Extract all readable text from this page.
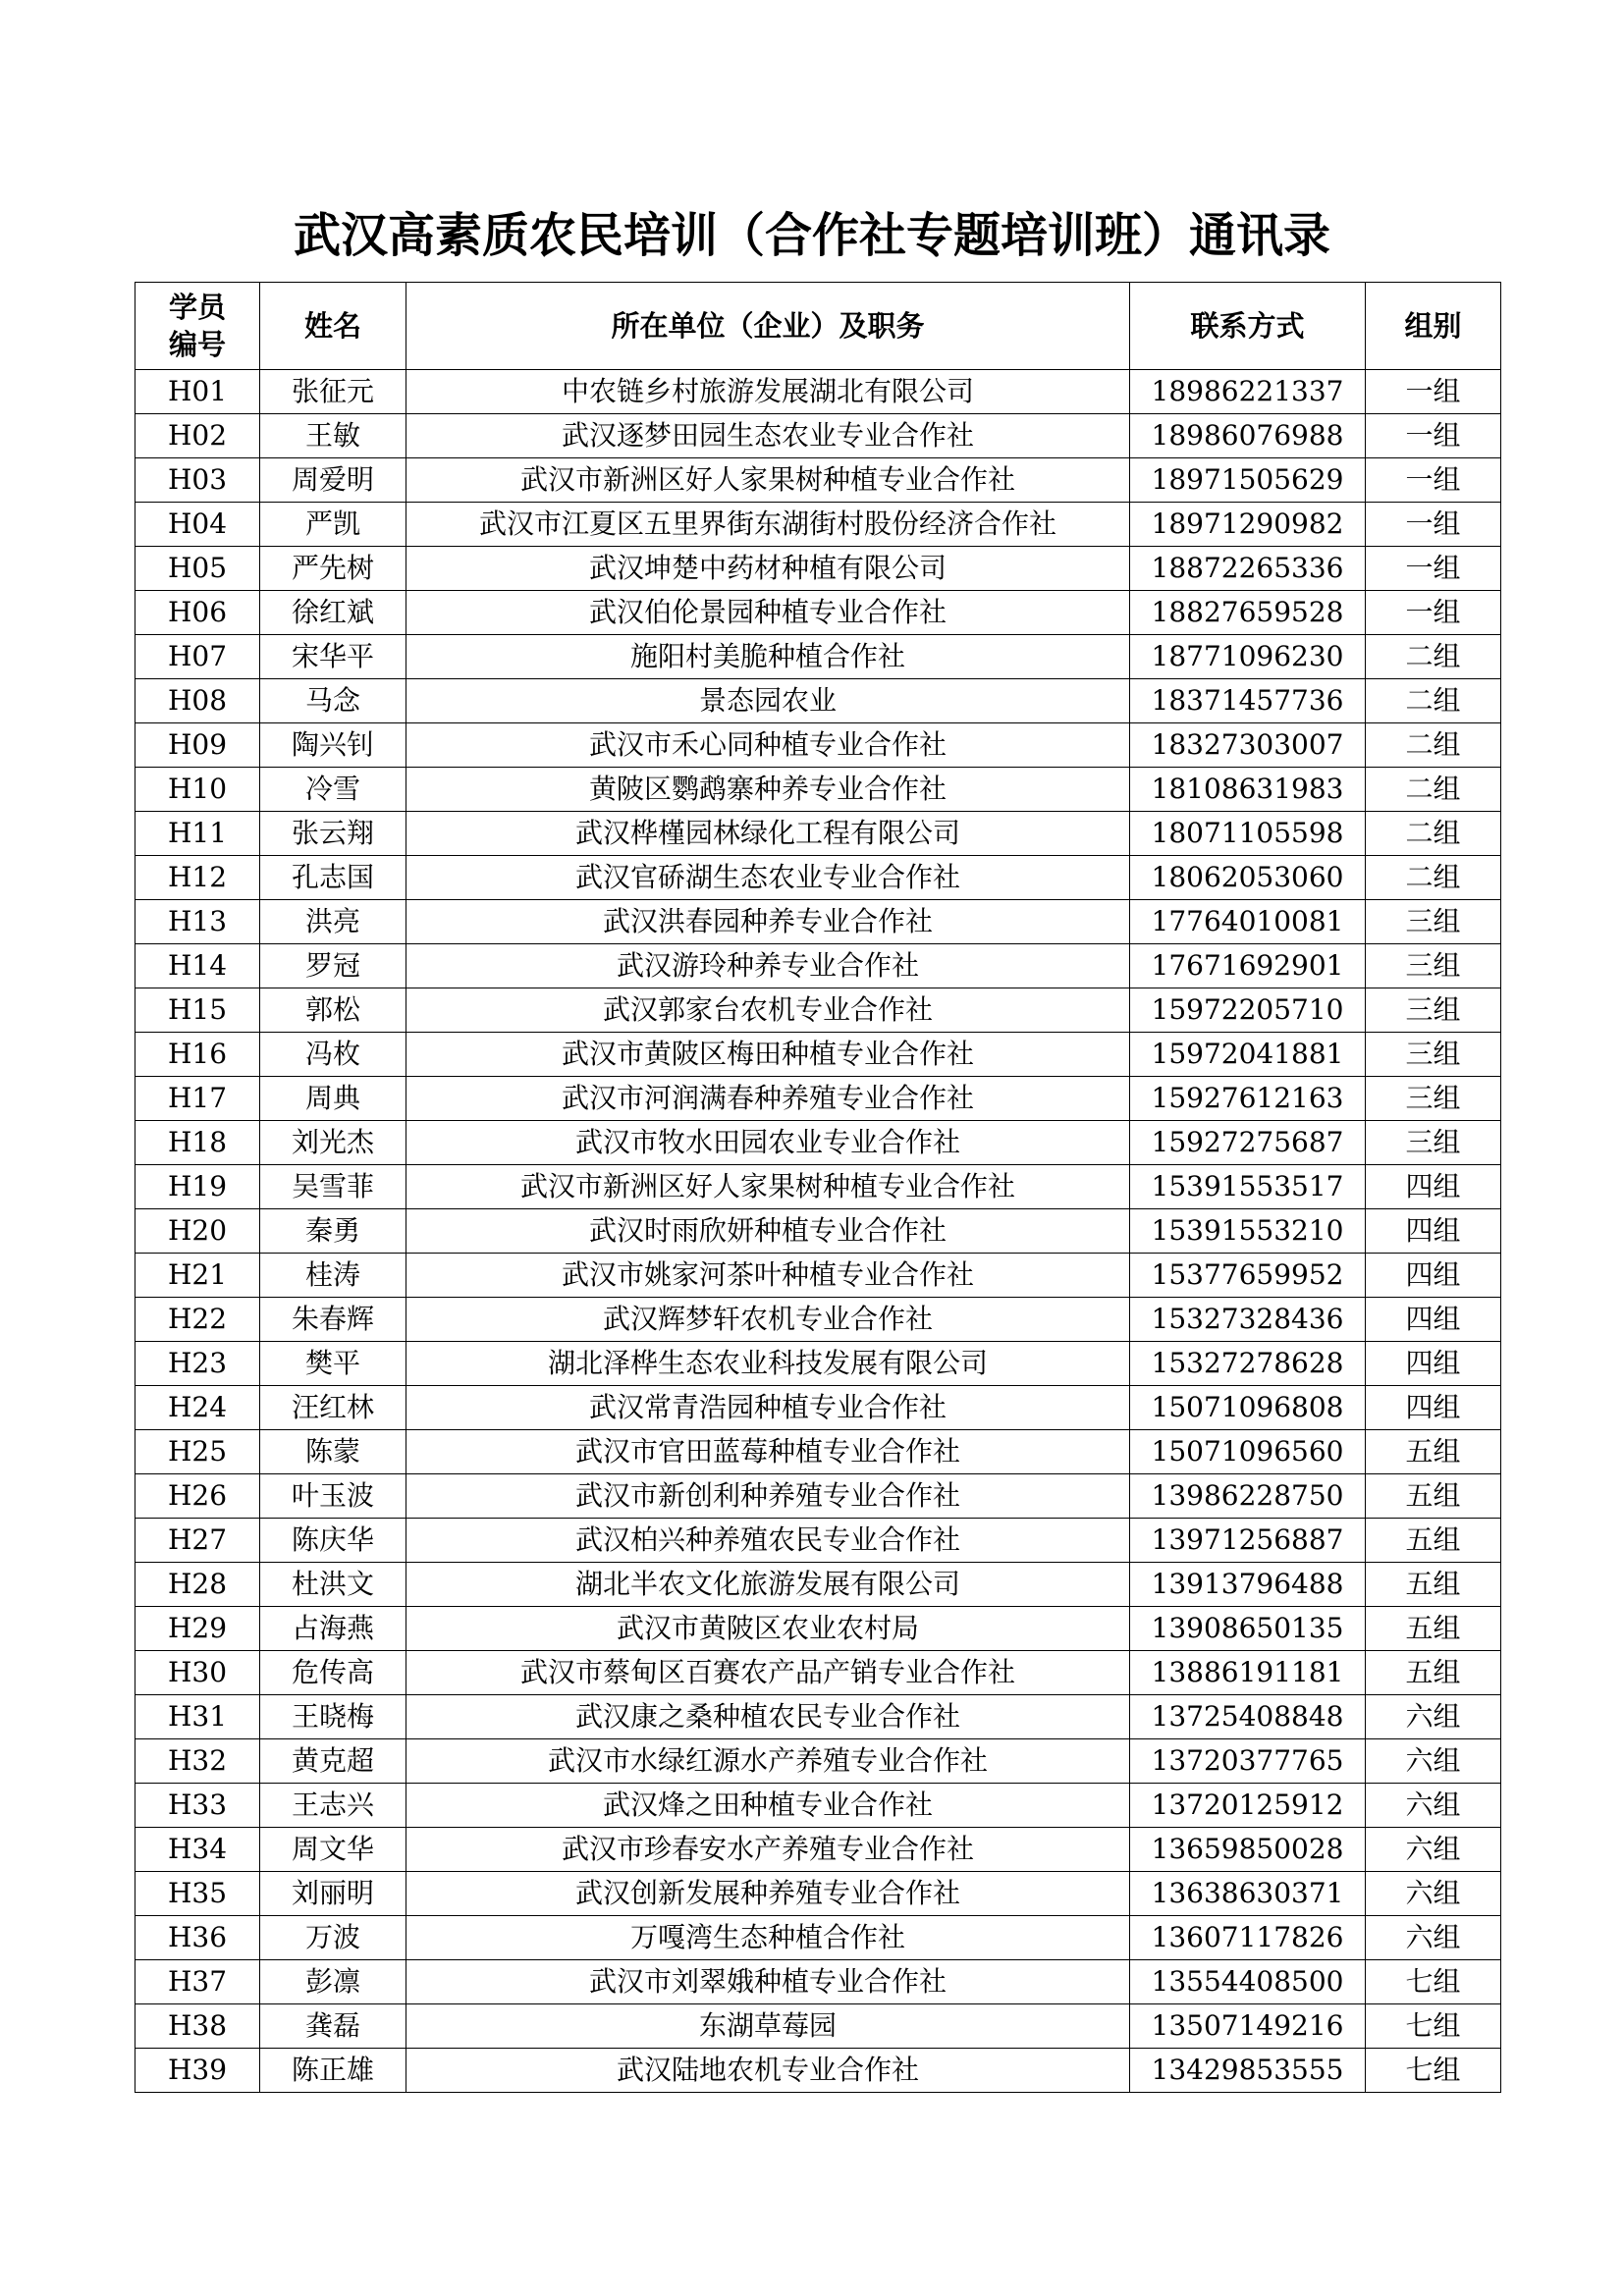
武汉高素质农民培训（合作社专题培训班）通讯录
学员
编号	姓名	所在单位（企业）及职务	联系方式	组别
H01	张征元	中农链乡村旅游发展湖北有限公司	18986221337	一组
H02	王敏	武汉逐梦田园生态农业专业合作社	18986076988	一组
H03	周爱明	武汉市新洲区好人家果树种植专业合作社	18971505629	一组
H04	严凯	武汉市江夏区五里界街东湖街村股份经济合作社	18971290982	一组
H05	严先树	武汉坤楚中药材种植有限公司	18872265336	一组
H06	徐红斌	武汉伯伦景园种植专业合作社	18827659528	一组
H07	宋华平	施阳村美脆种植合作社	18771096230	二组
H08	马念	景态园农业	18371457736	二组
H09	陶兴钊	武汉市禾心同种植专业合作社	18327303007	二组
H10	冷雪	黄陂区鹦鹉寨种养专业合作社	18108631983	二组
H11	张云翔	武汉桦槿园林绿化工程有限公司	18071105598	二组
H12	孔志国	武汉官硚湖生态农业专业合作社	18062053060	二组
H13	洪亮	武汉洪春园种养专业合作社	17764010081	三组
H14	罗冠	武汉游玲种养专业合作社	17671692901	三组
H15	郭松	武汉郭家台农机专业合作社	15972205710	三组
H16	冯枚	武汉市黄陂区梅田种植专业合作社	15972041881	三组
H17	周典	武汉市河润满春种养殖专业合作社	15927612163	三组
H18	刘光杰	武汉市牧水田园农业专业合作社	15927275687	三组
H19	吴雪菲	武汉市新洲区好人家果树种植专业合作社	15391553517	四组
H20	秦勇	武汉时雨欣妍种植专业合作社	15391553210	四组
H21	桂涛	武汉市姚家河茶叶种植专业合作社	15377659952	四组
H22	朱春辉	武汉辉梦轩农机专业合作社	15327328436	四组
H23	樊平	湖北泽桦生态农业科技发展有限公司	15327278628	四组
H24	汪红林	武汉常青浩园种植专业合作社	15071096808	四组
H25	陈蒙	武汉市官田蓝莓种植专业合作社	15071096560	五组
H26	叶玉波	武汉市新创利种养殖专业合作社	13986228750	五组
H27	陈庆华	武汉柏兴种养殖农民专业合作社	13971256887	五组
H28	杜洪文	湖北半农文化旅游发展有限公司	13913796488	五组
H29	占海燕	武汉市黄陂区农业农村局	13908650135	五组
H30	危传高	武汉市蔡甸区百赛农产品产销专业合作社	13886191181	五组
H31	王晓梅	武汉康之桑种植农民专业合作社	13725408848	六组
H32	黄克超	武汉市水绿红源水产养殖专业合作社	13720377765	六组
H33	王志兴	武汉烽之田种植专业合作社	13720125912	六组
H34	周文华	武汉市珍春安水产养殖专业合作社	13659850028	六组
H35	刘丽明	武汉创新发展种养殖专业合作社	13638630371	六组
H36	万波	万嘎湾生态种植合作社	13607117826	六组
H37	彭凛	武汉市刘翠娥种植专业合作社	13554408500	七组
H38	龚磊	东湖草莓园	13507149216	七组
H39	陈正雄	武汉陆地农机专业合作社	13429853555	七组
